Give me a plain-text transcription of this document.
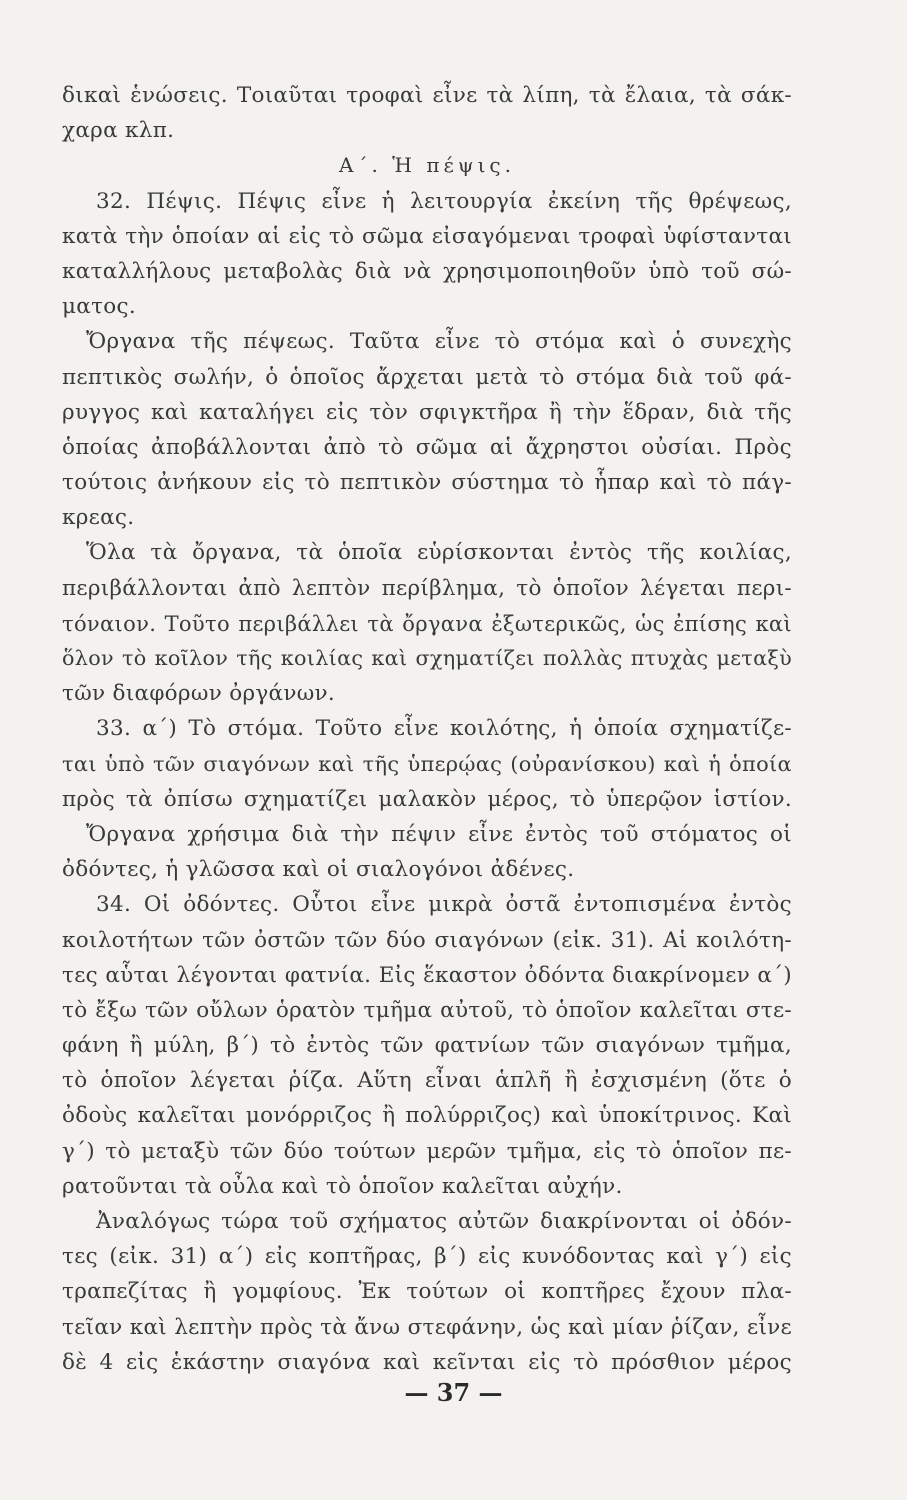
δικαὶ ἑνώσεις. Τοιαῦται τροφαὶ εἶνε τὰ λίπη, τὰ ἔλαια, τὰ σάκ-
χαρα κλπ.
Α΄. Ἡ πέψις.
32. Πέψις. Πέψις εἶνε ἡ λειτουργία ἐκείνη τῆς θρέψεως,
κατὰ τὴν ὁποίαν αἱ εἰς τὸ σῶμα εἰσαγόμεναι τροφαὶ ὑφίστανται
καταλλήλους μεταβολὰς διὰ νὰ χρησιμοποιηθοῦν ὑπὸ τοῦ σώ-
ματος.
Ὄργανα τῆς πέψεως. Ταῦτα εἶνε τὸ στόμα καὶ ὁ συνεχὴς
πεπτικὸς σωλήν, ὁ ὁποῖος ἄρχεται μετὰ τὸ στόμα διὰ τοῦ φά-
ρυγγος καὶ καταλήγει εἰς τὸν σφιγκτῆρα ἢ τὴν ἕδραν, διὰ τῆς
ὁποίας ἀποβάλλονται ἀπὸ τὸ σῶμα αἱ ἄχρηστοι οὐσίαι. Πρὸς
τούτοις ἀνήκουν εἰς τὸ πεπτικὸν σύστημα τὸ ἧπαρ καὶ τὸ πάγ-
κρεας.
Ὅλα τὰ ὄργανα, τὰ ὁποῖα εὑρίσκονται ἐντὸς τῆς κοιλίας,
περιβάλλονται ἀπὸ λεπτὸν περίβλημα, τὸ ὁποῖον λέγεται περι-
τόναιον. Τοῦτο περιβάλλει τὰ ὄργανα ἐξωτερικῶς, ὡς ἐπίσης καὶ
ὅλον τὸ κοῖλον τῆς κοιλίας καὶ σχηματίζει πολλὰς πτυχὰς μεταξὺ
τῶν διαφόρων ὀργάνων.
33. α΄) Τὸ στόμα. Τοῦτο εἶνε κοιλότης, ἡ ὁποία σχηματίζε-
ται ὑπὸ τῶν σιαγόνων καὶ τῆς ὑπερῴας (οὐρανίσκου) καὶ ἡ ὁποία
πρὸς τὰ ὀπίσω σχηματίζει μαλακὸν μέρος, τὸ ὑπερῷον ἱστίον.
Ὄργανα χρήσιμα διὰ τὴν πέψιν εἶνε ἐντὸς τοῦ στόματος οἱ
ὀδόντες, ἡ γλῶσσα καὶ οἱ σιαλογόνοι ἀδένες.
34. Οἱ ὀδόντες. Οὗτοι εἶνε μικρὰ ὀστᾶ ἐντοπισμένα ἐντὸς
κοιλοτήτων τῶν ὀστῶν τῶν δύο σιαγόνων (εἰκ. 31). Αἱ κοιλότη-
τες αὗται λέγονται φατνία. Εἰς ἕκαστον ὀδόντα διακρίνομεν α΄)
τὸ ἔξω τῶν οὔλων ὁρατὸν τμῆμα αὐτοῦ, τὸ ὁποῖον καλεῖται στε-
φάνη ἢ μύλη, β΄) τὸ ἐντὸς τῶν φατνίων τῶν σιαγόνων τμῆμα,
τὸ ὁποῖον λέγεται ῥίζα. Αὕτη εἶναι ἁπλῆ ἢ ἐσχισμένη (ὅτε ὁ
ὀδοὺς καλεῖται μονόρριζος ἢ πολύρριζος) καὶ ὑποκίτρινος. Καὶ
γ΄) τὸ μεταξὺ τῶν δύο τούτων μερῶν τμῆμα, εἰς τὸ ὁποῖον πε-
ρατοῦνται τὰ οὖλα καὶ τὸ ὁποῖον καλεῖται αὐχήν.
Ἀναλόγως τώρα τοῦ σχήματος αὐτῶν διακρίνονται οἱ ὀδόν-
τες (εἰκ. 31) α΄) εἰς κοπτῆρας, β΄) εἰς κυνόδοντας καὶ γ΄) εἰς
τραπεζίτας ἢ γομφίους. Ἐκ τούτων οἱ κοπτῆρες ἔχουν πλα-
τεῖαν καὶ λεπτὴν πρὸς τὰ ἄνω στεφάνην, ὡς καὶ μίαν ῥίζαν, εἶνε
δὲ 4 εἰς ἑκάστην σιαγόνα καὶ κεῖνται εἰς τὸ πρόσθιον μέρος
— 37 —
